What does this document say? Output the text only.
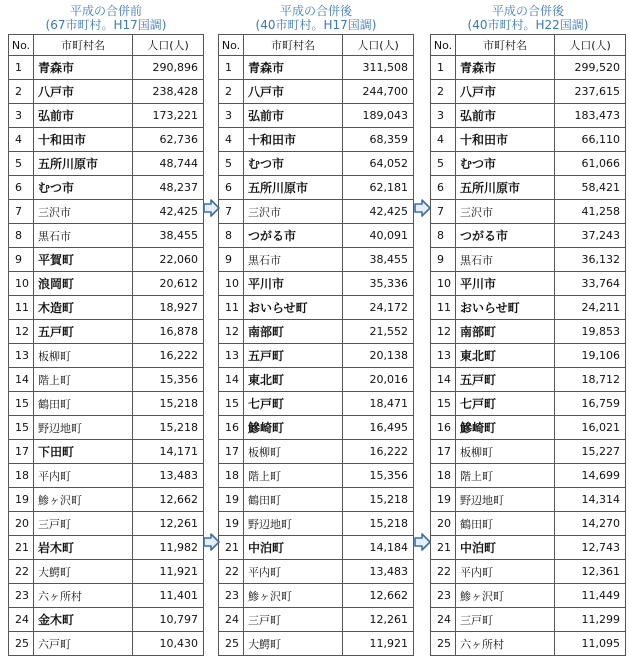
平成の合併前
(67市町村。H17国調)
No.	市町村名	人口(人)
1	青森市	290,896
2	八戸市	238,428
3	弘前市	173,221
4	十和田市	62,736
5	五所川原市	48,744
6	むつ市	48,237
7	三沢市	42,425
8	黒石市	38,455
9	平賀町	22,060
10	浪岡町	20,612
11	木造町	18,927
12	五戸町	16,878
13	板柳町	16,222
14	階上町	15,356
15	鶴田町	15,218
15	野辺地町	15,218
17	下田町	14,171
18	平内町	13,483
19	鯵ヶ沢町	12,662
20	三戸町	12,261
21	岩木町	11,982
22	大鰐町	11,921
23	六ヶ所村	11,401
24	金木町	10,797
25	六戸町	10,430
平成の合併後
(40市町村。H17国調)
No.	市町村名	人口(人)
1	青森市	311,508
2	八戸市	244,700
3	弘前市	189,043
4	十和田市	68,359
5	むつ市	64,052
6	五所川原市	62,181
7	三沢市	42,425
8	つがる市	40,091
9	黒石市	38,455
10	平川市	35,336
11	おいらせ町	24,172
12	南部町	21,552
13	五戸町	20,138
14	東北町	20,016
15	七戸町	18,471
16	鰺崎町	16,495
17	板柳町	16,222
18	階上町	15,356
19	鶴田町	15,218
19	野辺地町	15,218
21	中泊町	14,184
22	平内町	13,483
23	鯵ヶ沢町	12,662
24	三戸町	12,261
25	大鰐町	11,921
平成の合併後
(40市町村。H22国調)
No.	市町村名	人口(人)
1	青森市	299,520
2	八戸市	237,615
3	弘前市	183,473
4	十和田市	66,110
5	むつ市	61,066
6	五所川原市	58,421
7	三沢市	41,258
8	つがる市	37,243
9	黒石市	36,132
10	平川市	33,764
11	おいらせ町	24,211
12	南部町	19,853
13	東北町	19,106
14	五戸町	18,712
15	七戸町	16,759
16	鰺崎町	16,021
17	板柳町	15,227
18	階上町	14,699
19	野辺地町	14,314
20	鶴田町	14,270
21	中泊町	12,743
22	平内町	12,361
23	鯵ヶ沢町	11,449
24	三戸町	11,299
25	六ヶ所村	11,095
